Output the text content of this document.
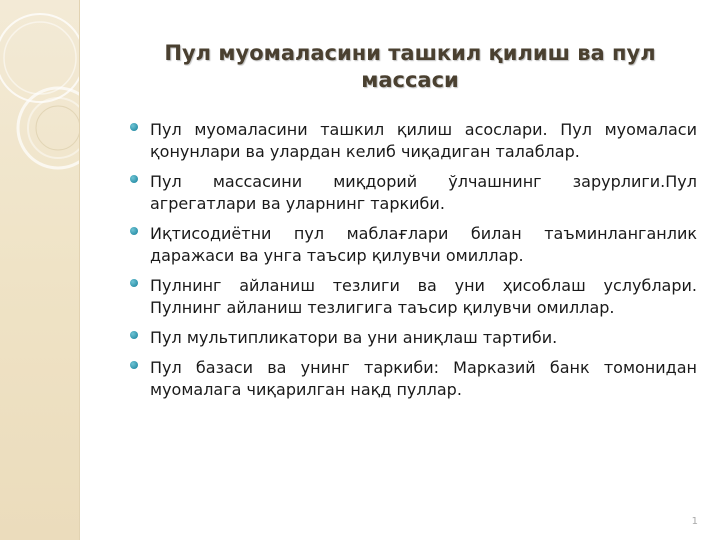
Пул муомаласини ташкил қилиш ва пул массаси
Пул муомаласини ташкил қилиш асослари. Пул муомаласи қонунлари ва улардан келиб чиқадиган талаблар.
Пул массасини миқдорий ўлчашнинг зарурлиги.Пул агрегатлари ва уларнинг таркиби.
Иқтисодиётни пул маблағлари билан таъминланганлик даражаси ва унга таъсир қилувчи омиллар.
Пулнинг айланиш тезлиги ва уни ҳисоблаш услублари. Пулнинг айланиш тезлигига таъсир қилувчи омиллар.
Пул мультипликатори ва уни аниқлаш тартиби.
Пул базаси ва унинг таркиби: Марказий банк томонидан муомалага чиқарилган нақд пуллар.
1
